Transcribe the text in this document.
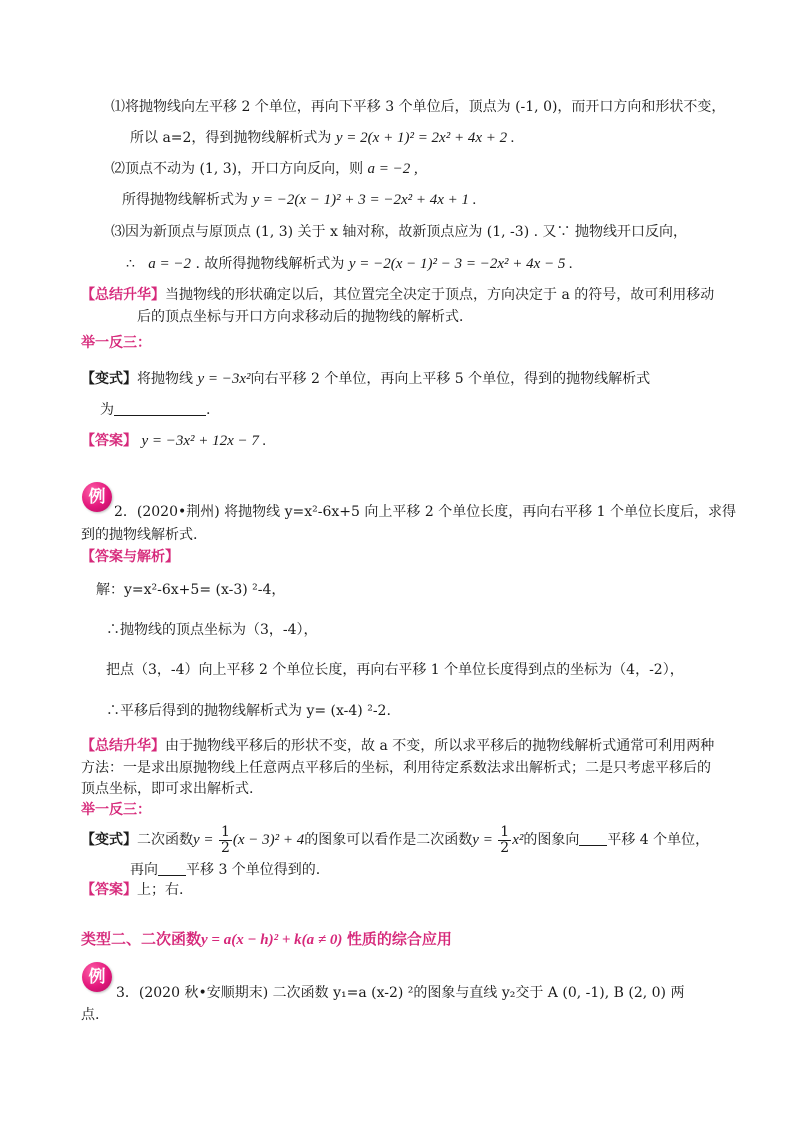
⑴将抛物线向左平移 2 个单位，再向下平移 3 个单位后，顶点为 (-1, 0)，而开口方向和形状不变，
所以 a=2，得到抛物线解析式为 y = 2(x + 1)² = 2x² + 4x + 2 .
⑵顶点不动为 (1, 3)，开口方向反向，则 a = −2 ,
所得抛物线解析式为 y = −2(x − 1)² + 3 = −2x² + 4x + 1 .
⑶因为新顶点与原顶点 (1, 3) 关于 x 轴对称，故新顶点应为 (1, -3) . 又∵ 抛物线开口反向，
∴ a = −2 . 故所得抛物线解析式为 y = −2(x − 1)² − 3 = −2x² + 4x − 5 .
【总结升华】当抛物线的形状确定以后，其位置完全决定于顶点，方向决定于 a 的符号，故可利用移动
后的顶点坐标与开口方向求移动后的抛物线的解析式．
举一反三：
【变式】将抛物线 y = −3x²向右平移 2 个单位，再向上平移 5 个单位，得到的抛物线解析式
为	.
【答案】 y = −3x² + 12x − 7 .
例
2．(2020•荆州) 将抛物线 y=x²-6x+5 向上平移 2 个单位长度，再向右平移 1 个单位长度后，求得
到的抛物线解析式.
【答案与解析】
解：y=x²-6x+5= (x-3) ²-4，
∴抛物线的顶点坐标为（3，-4），
把点（3，-4）向上平移 2 个单位长度，再向右平移 1 个单位长度得到点的坐标为（4，-2），
∴平移后得到的抛物线解析式为 y= (x-4) ²-2.
【总结升华】由于抛物线平移后的形状不变，故 a 不变，所以求平移后的抛物线解析式通常可利用两种
方法：一是求出原抛物线上任意两点平移后的坐标，利用待定系数法求出解析式；二是只考虑平移后的
顶点坐标，即可求出解析式.
举一反三：
【变式】二次函数$y = \frac{1}{2} (x - 3)^2 + 4$的图象可以看作是二次函数$y = \frac{1}{2} x^2$的图象向 平移 4 个单位，
再向 平移 3 个单位得到的.
【答案】上；右.
类型二、二次函数y = a(x − h)² + k(a ≠ 0) 性质的综合应用
例
3．(2020 秋•安顺期末) 二次函数 y₁=a (x-2) ²的图象与直线 y₂交于 A (0, -1), B (2, 0) 两
点.
